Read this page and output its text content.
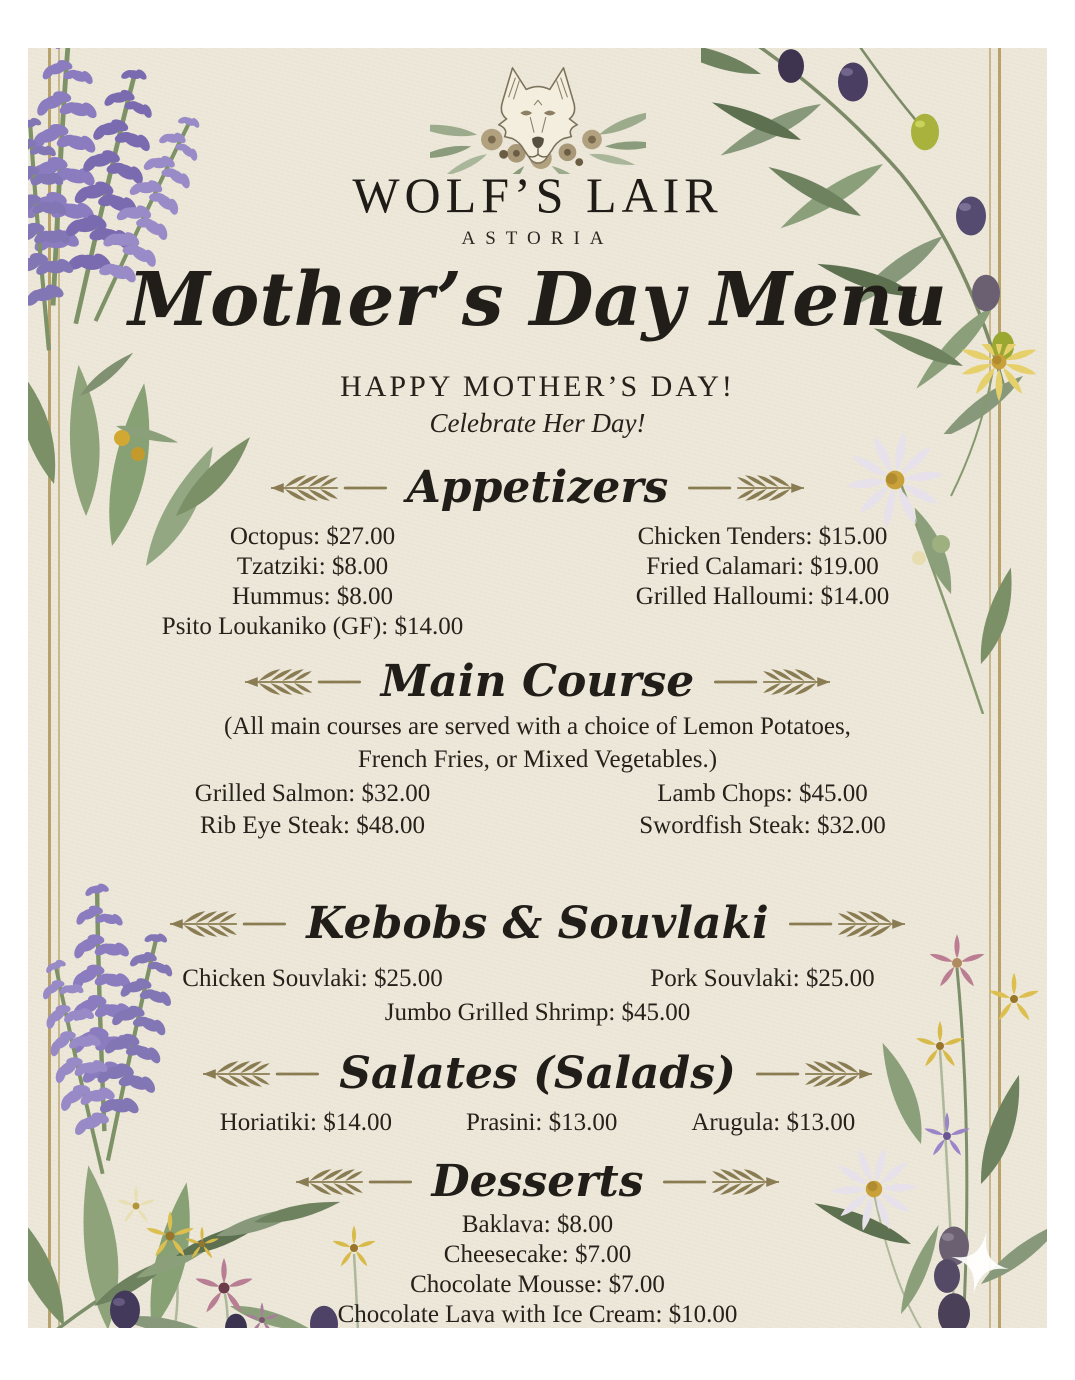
WOLF’S LAIR
ASTORIA
Mother’s Day Menu
HAPPY MOTHER’S DAY!
Celebrate Her Day!
Appetizers
Octopus: $27.00
Tzatziki: $8.00
Hummus: $8.00
Psito Loukaniko (GF): $14.00
Chicken Tenders: $15.00
Fried Calamari: $19.00
Grilled Halloumi: $14.00
Main Course
(All main courses are served with a choice of Lemon Potatoes,
French Fries, or Mixed Vegetables.)
Grilled Salmon: $32.00
Rib Eye Steak: $48.00
Lamb Chops: $45.00
Swordfish Steak: $32.00
Kebobs & Souvlaki
Chicken Souvlaki: $25.00	Pork Souvlaki: $25.00
Jumbo Grilled Shrimp: $45.00
Salates (Salads)
Horiatiki: $14.00	Prasini: $13.00	Arugula: $13.00
Desserts
Baklava: $8.00
Cheesecake: $7.00
Chocolate Mousse: $7.00
Chocolate Lava with Ice Cream: $10.00
